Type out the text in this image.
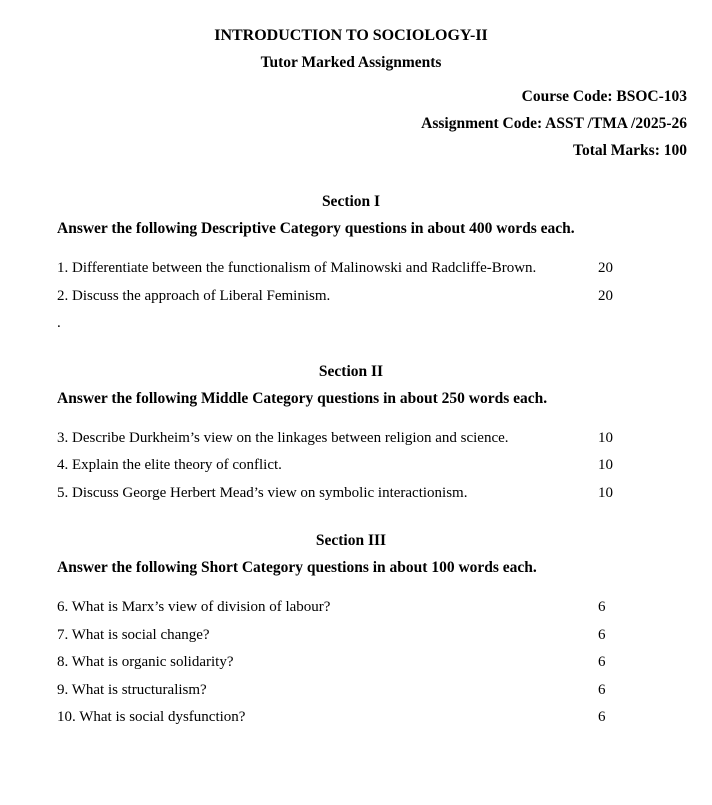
INTRODUCTION TO SOCIOLOGY-II
Tutor Marked Assignments
Course Code: BSOC-103
Assignment Code: ASST /TMA /2025-26
Total Marks: 100
Section I

Answer the following Descriptive Category questions in about 400 words each.

1. Differentiate between the functionalism of Malinowski and Radcliffe-Brown.	20
2. Discuss the approach of Liberal Feminism.	20
.
Section II

Answer the following Middle Category questions in about 250 words each.

3. Describe Durkheim’s view on the linkages between religion and science.	10
4. Explain the elite theory of conflict.	10
5. Discuss George Herbert Mead’s view on symbolic interactionism.	10
Section III

Answer the following Short Category questions in about 100 words each.

6. What is Marx’s view of division of labour?	6
7. What is social change?	6
8. What is organic solidarity?	6
9. What is structuralism?	6
10. What is social dysfunction?	6
